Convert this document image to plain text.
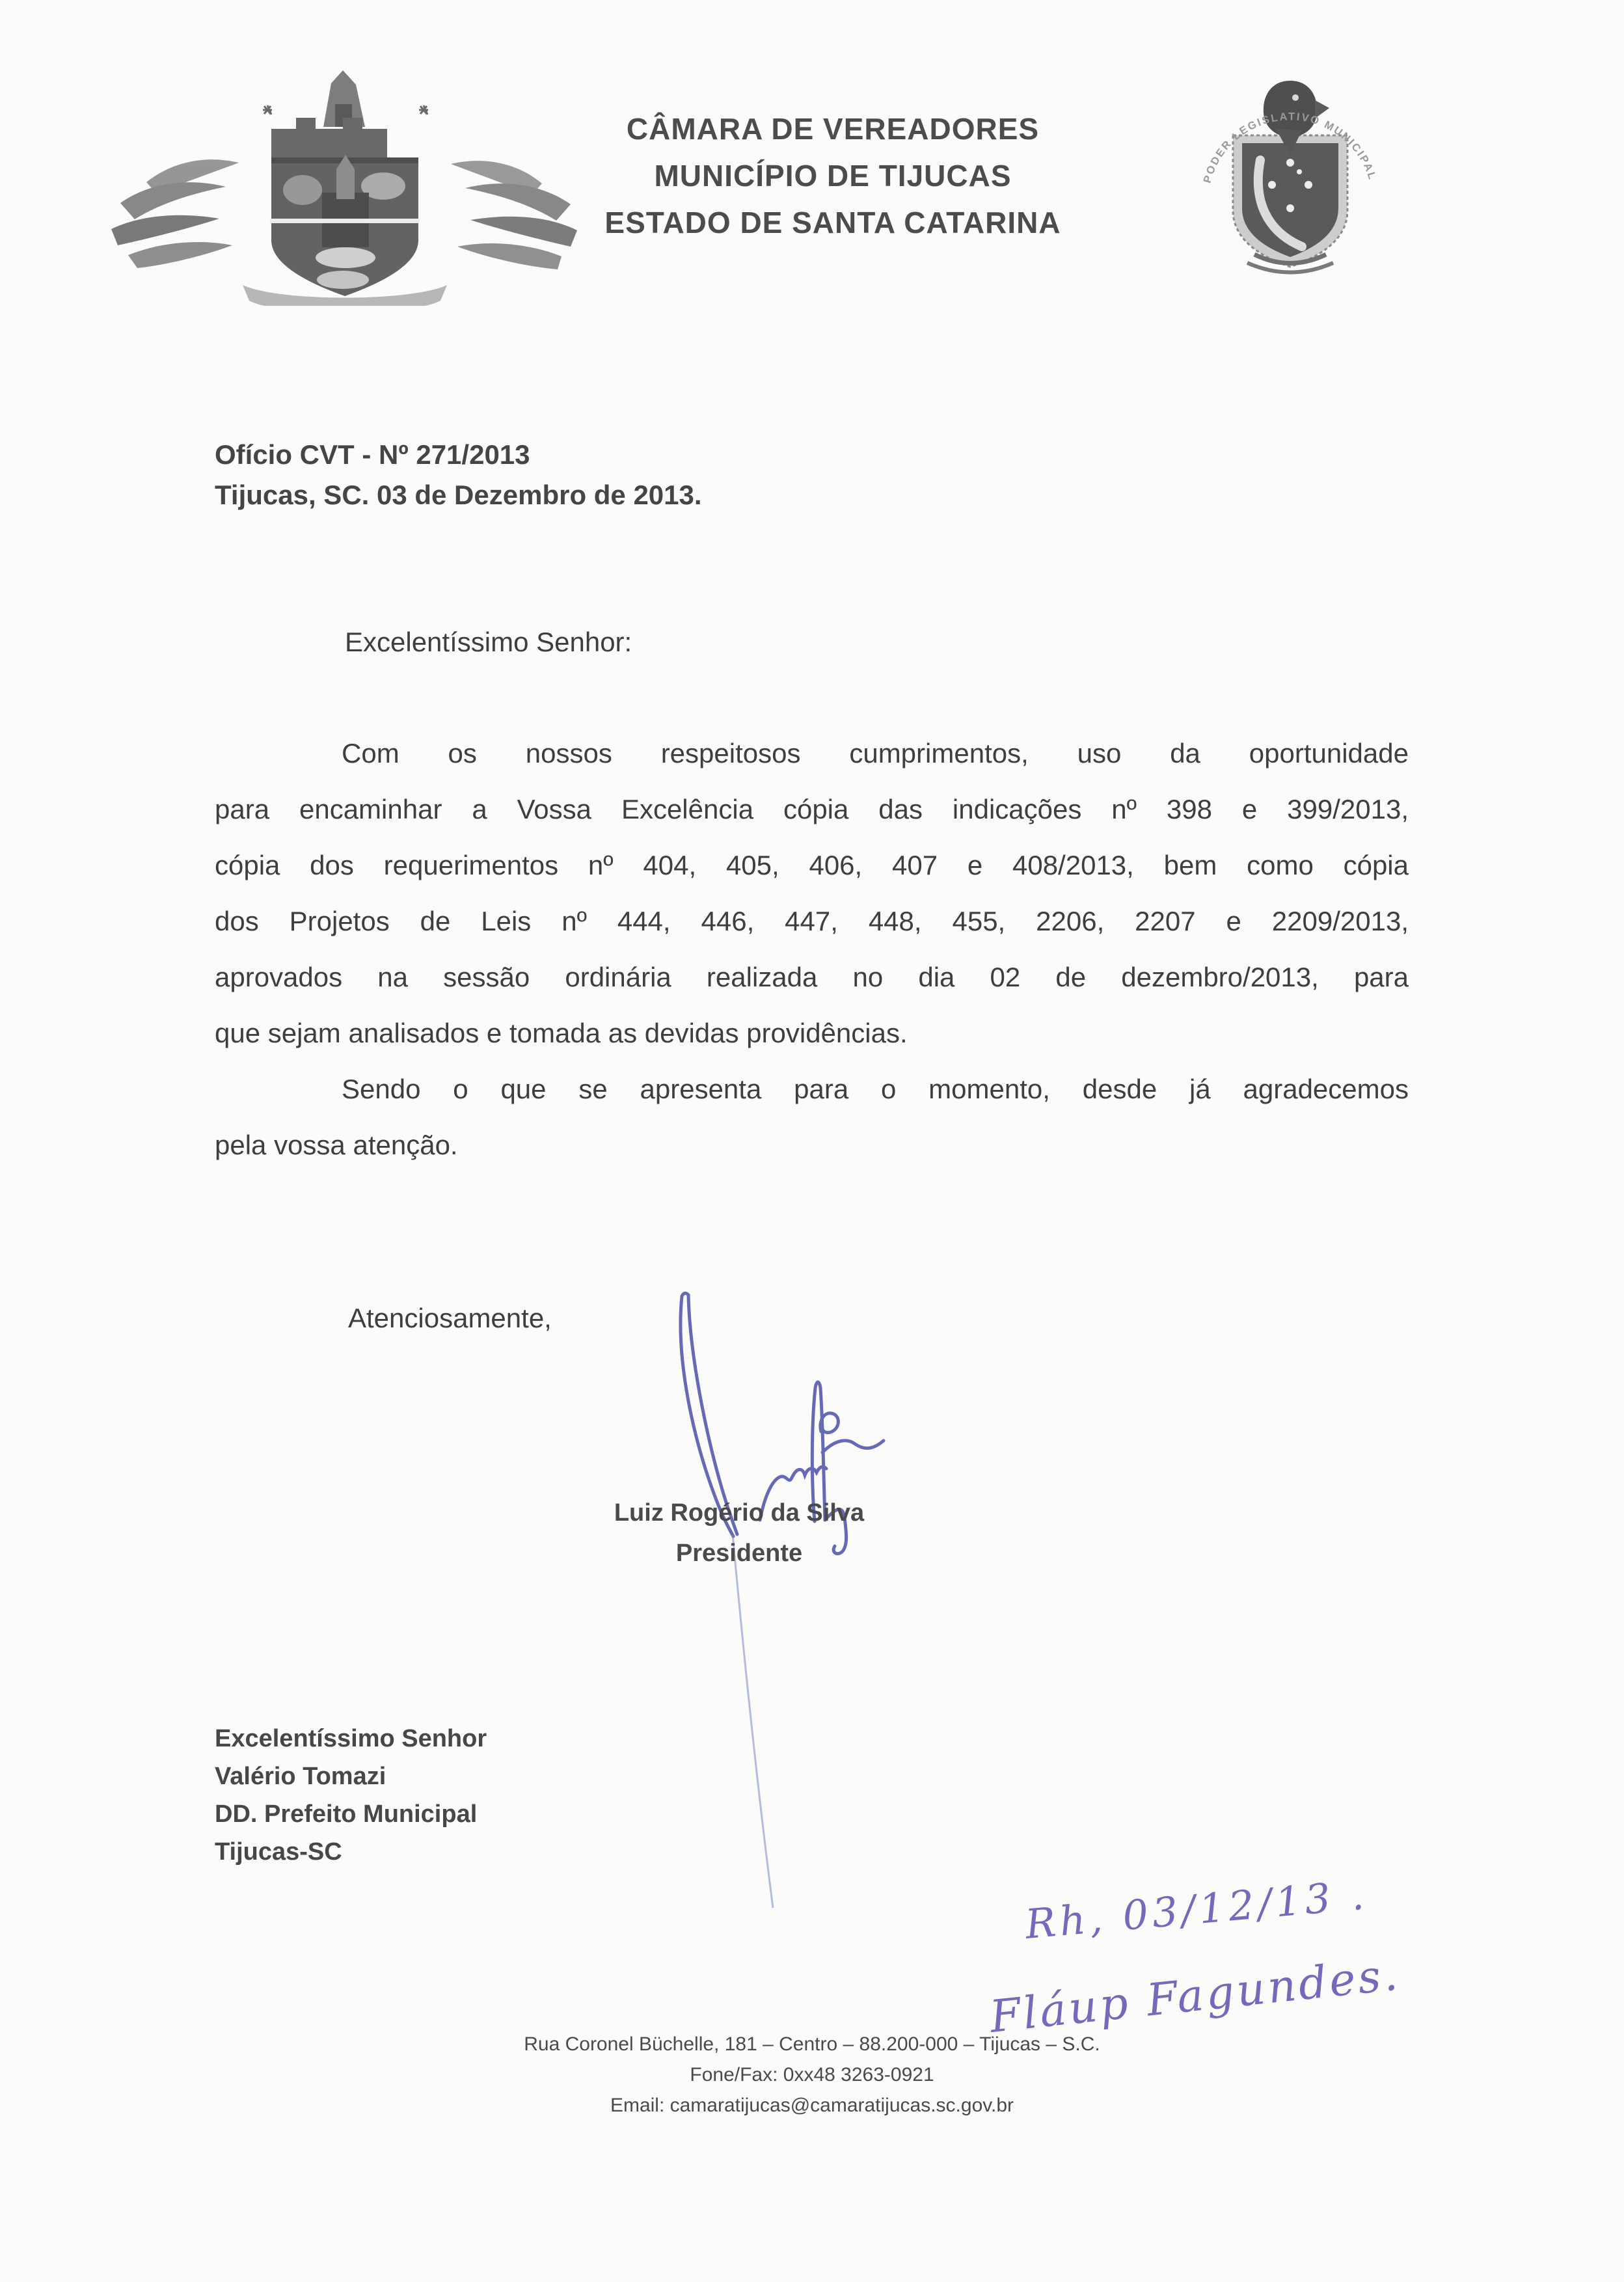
CÂMARA DE VEREADORES
MUNICÍPIO DE TIJUCAS
ESTADO DE SANTA CATARINA
PODER LEGISLATIVO MUNICIPAL
Ofício CVT - Nº 271/2013
Tijucas, SC. 03 de Dezembro de 2013.
Excelentíssimo Senhor:
Com os nossos respeitosos cumprimentos, uso da oportunidade
para encaminhar a Vossa Excelência cópia das indicações nº 398 e 399/2013,
cópia dos requerimentos nº 404, 405, 406, 407 e 408/2013, bem como cópia
dos Projetos de Leis nº 444, 446, 447, 448, 455, 2206, 2207 e 2209/2013,
aprovados na sessão ordinária realizada no dia 02 de dezembro/2013, para
que sejam analisados e tomada as devidas providências.
Sendo o que se apresenta para o momento, desde já agradecemos
pela vossa atenção.
Atenciosamente,
Luiz Rogério da Silva
Presidente
Excelentíssimo Senhor
Valério Tomazi
DD. Prefeito Municipal
Tijucas-SC
Rh, 03/12/13 .
Fláup Fagundes.
Rua Coronel Büchelle, 181 – Centro – 88.200-000 – Tijucas – S.C.
Fone/Fax: 0xx48 3263-0921
Email: camaratijucas@camaratijucas.sc.gov.br
